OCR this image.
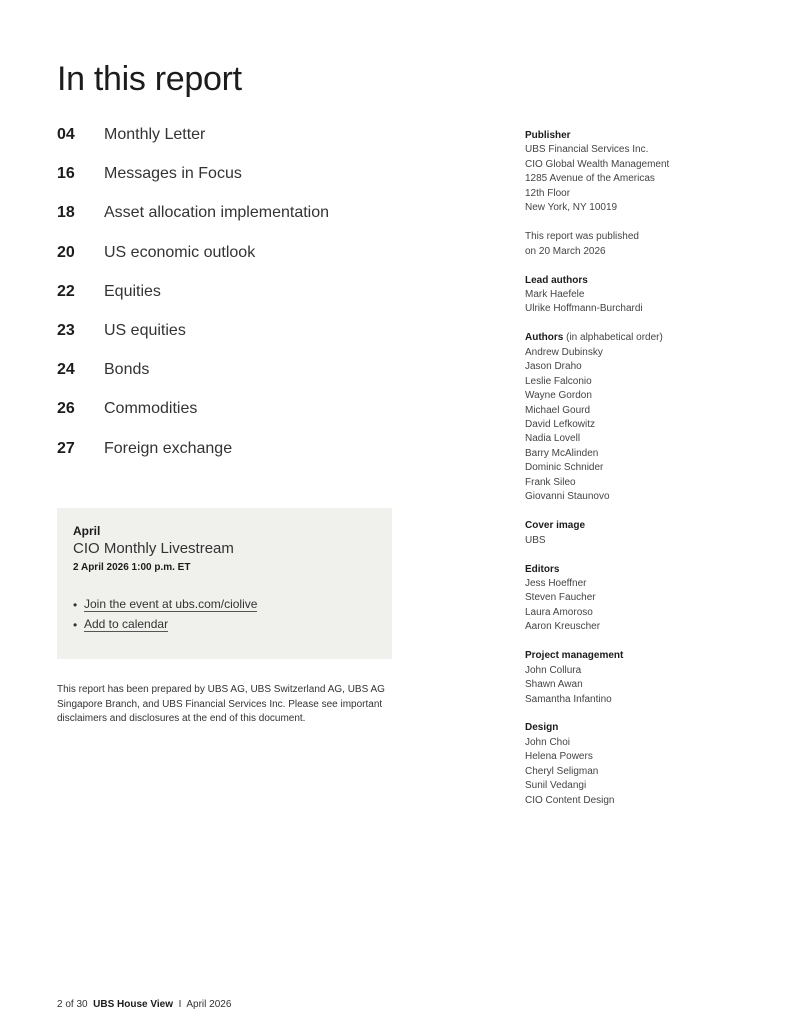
In this report
04	Monthly Letter
16	Messages in Focus
18	Asset allocation implementation
20	US economic outlook
22	Equities
23	US equities
24	Bonds
26	Commodities
27	Foreign exchange
April
CIO Monthly Livestream
2 April 2026 1:00 p.m. ET
• Join the event at ubs.com/ciolive
• Add to calendar
This report has been prepared by UBS AG, UBS Switzerland AG, UBS AG Singapore Branch, and UBS Financial Services Inc. Please see important disclaimers and disclosures at the end of this document.
Publisher
UBS Financial Services Inc.
CIO Global Wealth Management
1285 Avenue of the Americas
12th Floor
New York, NY 10019
This report was published
on 20 March 2026
Lead authors
Mark Haefele
Ulrike Hoffmann-Burchardi
Authors (in alphabetical order)
Andrew Dubinsky
Jason Draho
Leslie Falconio
Wayne Gordon
Michael Gourd
David Lefkowitz
Nadia Lovell
Barry McAlinden
Dominic Schnider
Frank Sileo
Giovanni Staunovo
Cover image
UBS
Editors
Jess Hoeffner
Steven Faucher
Laura Amoroso
Aaron Kreuscher
Project management
John Collura
Shawn Awan
Samantha Infantino
Design
John Choi
Helena Powers
Cheryl Seligman
Sunil Vedangi
CIO Content Design
2 of 30 UBS House View I April 2026
